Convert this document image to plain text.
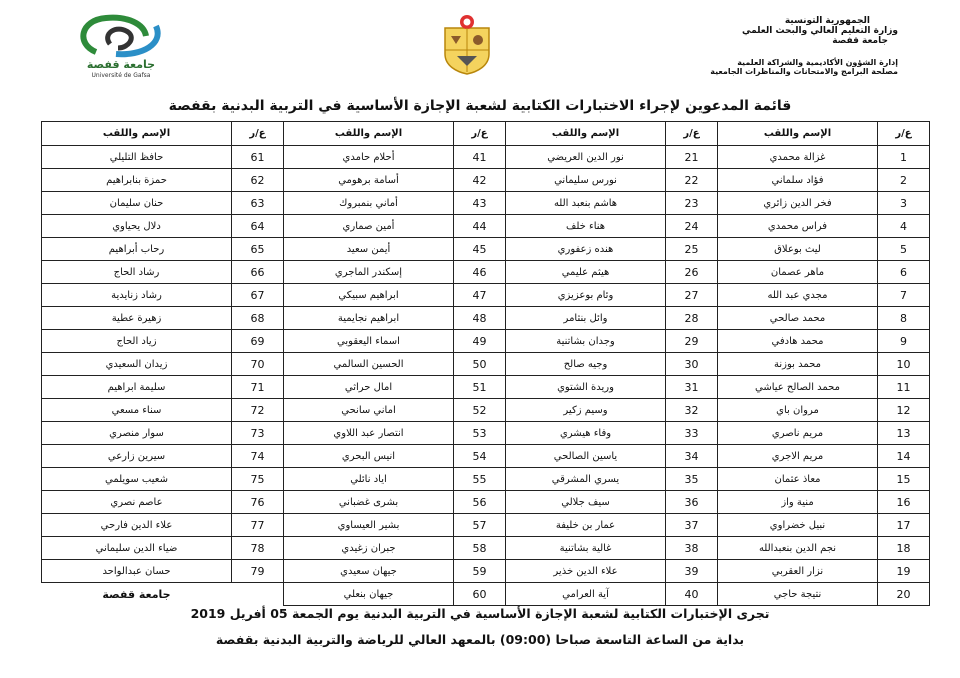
جامعة قفصة
Université de Gafsa
الجمهورية التونسية
وزارة التعليم العالي والبحث العلمي
جامعة قفصة
إدارة الشؤون الأكاديمية والشراكة العلمية
مصلحة البرامج والامتحانات والمناظرات الجامعية
قائمة المدعوين لإجراء الاختبارات الكتابية لشعبة الإجازة الأساسية في التربية البدنية بقفصة
ع/ر	الإسم واللقب	ع/ر	الإسم واللقب	ع/ر	الإسم واللقب	ع/ر	الإسم واللقب
1	غزالة محمدي	21	نور الدين العريضي	41	أحلام حامدي	61	حافظ التليلي
2	فؤاد سلماني	22	نورس سليماني	42	أسامة برهومي	62	حمزة بنابراهيم
3	فخر الدين زائري	23	هاشم بنعبد الله	43	أماني بنمبروك	63	حنان سليمان
4	فراس محمدي	24	هناء خلف	44	أمين صماري	64	دلال يحياوي
5	ليث بوعلاق	25	هنده زعفوري	45	أيمن سعيد	65	رحاب أبراهيم
6	ماهر عصمان	26	هيثم عليمي	46	إسكندر الماجري	66	رشاد الحاج
7	مجدي عبد الله	27	وئام بوعزيزي	47	ابراهيم سبيكي	67	رشاد زنايدية
8	محمد صالحي	28	وائل بنثامر	48	ابراهيم نجايمية	68	زهيرة عطية
9	محمد هادفي	29	وجدان بشاتنية	49	اسماء اليعقوبي	69	زياد الحاج
10	محمد بوزنة	30	وجيه صالح	50	الحسين السالمي	70	زيدان السعيدي
11	محمد الصالح عياشي	31	وريدة الشتوي	51	امال حراثي	71	سليمة ابراهيم
12	مروان باي	32	وسيم زكير	52	اماني سانحي	72	سناء مسعي
13	مريم ناصري	33	وفاء هيشري	53	انتصار عبد اللاوي	73	سوار منصري
14	مريم الاجري	34	ياسين الصالحي	54	انيس البحري	74	سيرين زارعي
15	معاذ عثمان	35	يسري المشرقي	55	اياد نائلي	75	شعيب سويلمي
16	منية واز	36	سيف جلالي	56	بشرى غضباني	76	عاصم نصري
17	نبيل خضراوي	37	عمار بن خليفة	57	بشير العيساوي	77	علاء الدين فارحي
18	نجم الدين بنعبدالله	38	غالية بشاتنية	58	جبران زغيدي	78	ضياء الدين سليماني
19	نزار العقربي	39	علاء الدين خذير	59	جيهان سعيدي	79	حسان عبدالواحد
20	نتيجة حاجي	40	آية العرامي	60	جيهان بنعلي		جامعة قفصة
تجرى الإختبارات الكتابية لشعبة الإجازة الأساسية في التربية البدنية يوم الجمعة 05 أفريل 2019
بداية من الساعة التاسعة صباحا (09:00) بالمعهد العالي للرياضة والتربية البدنية بقفصة
